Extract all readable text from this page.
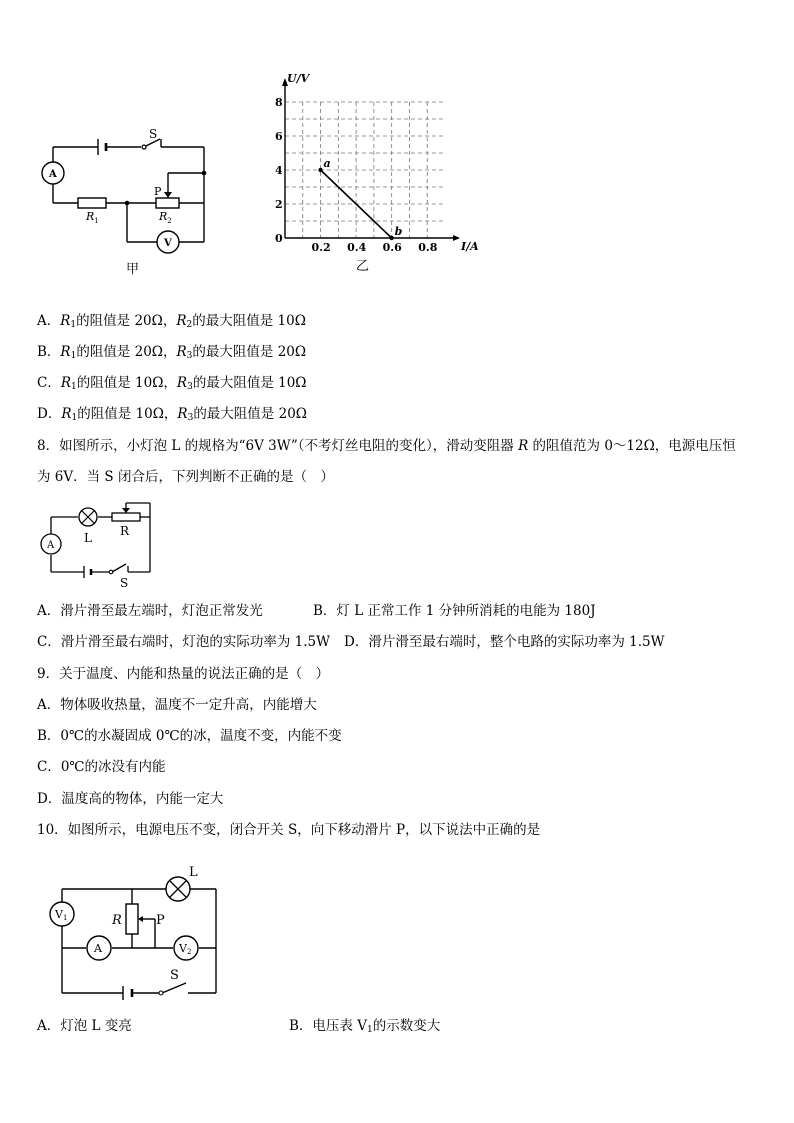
S
A
V
P
$R_1$	$R_2$
甲
0.2 0.4 0.6 0.8
0
2
4
6
8
a
b
U/V
I/A
乙
A．$R_1$的阻值是 20Ω，$R_2$的最大阻值是 10Ω
B．$R_1$的阻值是 20Ω，$R_3$的最大阻值是 20Ω
C．$R_1$的阻值是 10Ω，$R_3$的最大阻值是 10Ω
D．$R_1$的阻值是 10Ω，$R_3$的最大阻值是 20Ω
8．如图所示，小灯泡 L 的规格为“6V 3W”（不考灯丝电阻的变化），滑动变阻器 R 的阻值范为 0～12Ω，电源电压恒
为 6V．当 S 闭合后，下列判断不正确的是（　）
A
L R
S
A．滑片滑至最左端时，灯泡正常发光	B．灯 L 正常工作 1 分钟所消耗的电能为 180J
C．滑片滑至最右端时，灯泡的实际功率为 1.5W D．滑片滑至最右端时，整个电路的实际功率为 1.5W
9．关于温度、内能和热量的说法正确的是（　）
A．物体吸收热量，温度不一定升高，内能增大
B．0℃的水凝固成 0℃的冰，温度不变，内能不变
C．0℃的冰没有内能
D．温度高的物体，内能一定大
10．如图所示，电源电压不变，闭合开关 S，向下移动滑片 P，以下说法中正确的是
L
V1
A	V2
R	P
S
A．灯泡 L 变亮	B．电压表 $V_1$的示数变大
